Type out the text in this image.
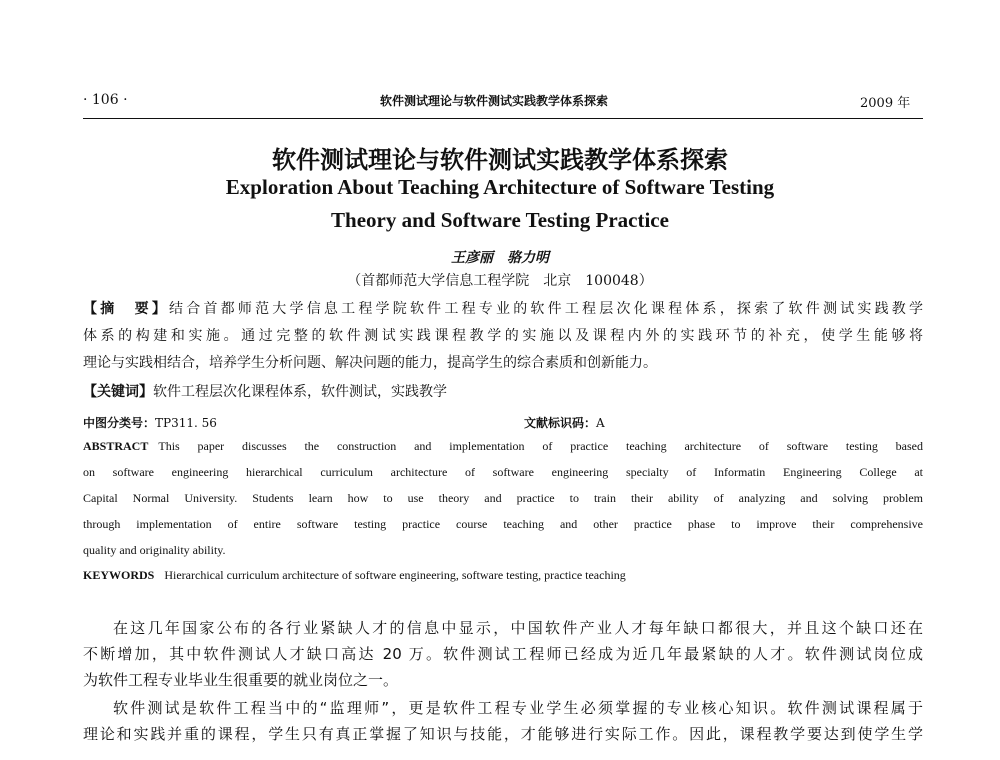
· 106 ·	软件测试理论与软件测试实践教学体系探索	2009 年
软件测试理论与软件测试实践教学体系探索
Exploration About Teaching Architecture of Software Testing
Theory and Software Testing Practice
王彦丽　骆力明
（首都师范大学信息工程学院　北京　100048）
【摘　要】结合首都师范大学信息工程学院软件工程专业的软件工程层次化课程体系，探索了软件测试实践教学
体系的构建和实施。通过完整的软件测试实践课程教学的实施以及课程内外的实践环节的补充，使学生能够将
理论与实践相结合，培养学生分析问题、解决问题的能力，提高学生的综合素质和创新能力。
【关键词】软件工程层次化课程体系，软件测试，实践教学
中图分类号：TP311. 56	文献标识码：A
ABSTRACT This paper discusses the construction and implementation of practice teaching architecture of software testing based
on software engineering hierarchical curriculum architecture of software engineering specialty of Informatin Engineering College at
Capital Normal University. Students learn how to use theory and practice to train their ability of analyzing and solving problem
through implementation of entire software testing practice course teaching and other practice phase to improve their comprehensive
quality and originality ability.
KEYWORDS Hierarchical curriculum architecture of software engineering, software testing, practice teaching
在这几年国家公布的各行业紧缺人才的信息中显示，中国软件产业人才每年缺口都很大，并且这个缺口还在
不断增加，其中软件测试人才缺口高达 20 万。软件测试工程师已经成为近几年最紧缺的人才。软件测试岗位成
为软件工程专业毕业生很重要的就业岗位之一。
软件测试是软件工程当中的“监理师”，更是软件工程专业学生必须掌握的专业核心知识。软件测试课程属于
理论和实践并重的课程，学生只有真正掌握了知识与技能，才能够进行实际工作。因此，课程教学要达到使学生学
